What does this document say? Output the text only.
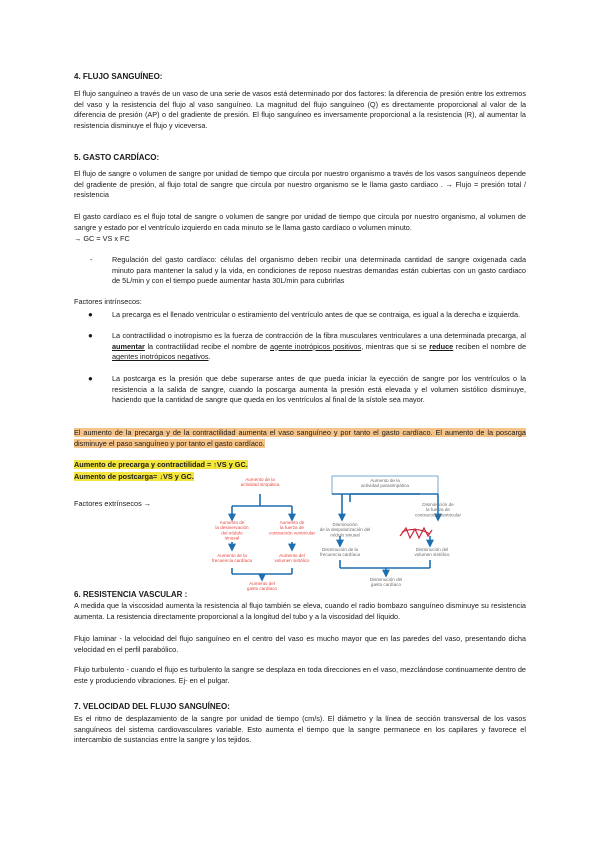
4. FLUJO SANGUÍNEO:
El flujo sanguíneo a través de un vaso de una serie de vasos está determinado por dos factores: la diferencia de presión entre los extremos del vaso y la resistencia del flujo al vaso sanguíneo. La magnitud del flujo sanguíneo (Q) es directamente proporcional al valor de la diferencia de presión (AP) o del gradiente de presión. El flujo sanguíneo es inversamente proporcional a la resistencia (R), al aumentar la resistencia disminuye el flujo y viceversa.
5. GASTO CARDÍACO:
El flujo de sangre o volumen de sangre por unidad de tiempo que circula por nuestro organismo a través de los vasos sanguíneos depende del gradiente de presión, al flujo total de sangre que circula por nuestro organismo se le llama gasto cardiaco . → Flujo = presión total / resistencia
El gasto cardíaco es el flujo total de sangre o volumen de sangre por unidad de tiempo que circula por nuestro organismo, al volumen de sangre y estado por el ventrículo izquierdo en cada minuto se le llama gasto cardíaco o volumen minuto.
→ GC = VS x FC
-	Regulación del gasto cardíaco: células del organismo deben recibir una determinada cantidad de sangre oxigenada cada minuto para mantener la salud y la vida, en condiciones de reposo nuestras demandas están cubiertas con un gasto cardiaco de 5L/min y con el tiempo puede aumentar hasta 30L/min para cubrirlas
Factores intrínsecos:
●	La precarga es el llenado ventricular o estiramiento del ventrículo antes de que se contraiga, es igual a la derecha e izquierda.
●	La contractilidad o inotropismo es la fuerza de contracción de la fibra musculares ventriculares a una determinada precarga, al aumentar la contractilidad recibe el nombre de agente inotrópicos positivos, mientras que si se reduce reciben el nombre de agentes inotrópicos negativos.
●	La postcarga es la presión que debe superarse antes de que pueda iniciar la eyección de sangre por los ventrículos o la resistencia a la salida de sangre, cuando la poscarga aumenta la presión está elevada y el volumen sistólico disminuye, haciendo que la cantidad de sangre que queda en los ventrículos al final de la sístole sea mayor.
El aumento de la precarga y de la contractilidad aumenta el vaso sanguíneo y por tanto el gasto cardíaco. El aumento de la poscarga disminuye el paso sanguíneo y por tanto el gasto cardíaco.
Aumento de precarga y contractilidad = ↑VS y GC.
Aumento de postcarga= ↓VS y GC.
Factores extrínsecos →
Aumento de la actividad simpática
Aumento de la desinervación del nódulo sinusal
Aumento de la fuerza de contracción ventricular
Aumento de la frecuencia cardíaca
Aumento del volumen sistólico
Aumento del gasto cardíaco
Aumento de la actividad parasimpática
Disminución de la despolarización del nódulo sinusal
Disminución de la fuerza de contracción ventricular
Disminución de la frecuencia cardíaca
Disminución del volumen sistólico
Disminución del gasto cardíaco
6. RESISTENCIA VASCULAR :
A medida que la viscosidad aumenta la resistencia al flujo también se eleva, cuando el radio bombazo sanguíneo disminuye su resistencia aumenta. La resistencia directamente proporcional a la longitud del tubo y a la viscosidad del líquido.
Flujo laminar - la velocidad del flujo sanguíneo en el centro del vaso es mucho mayor que en las paredes del vaso, presentando dicha velocidad en el perfil parabólico.
Flujo turbulento - cuando el flujo es turbulento la sangre se desplaza en toda direcciones en el vaso, mezclándose continuamente dentro de este y produciendo vibraciones. Ej- en el pulgar.
7. VELOCIDAD DEL FLUJO SANGUÍNEO:
Es el ritmo de desplazamiento de la sangre por unidad de tiempo (cm/s). El diámetro y la línea de sección transversal de los vasos sanguíneos del sistema cardiovasculares variable. Esto aumenta el tiempo que la sangre permanece en los capilares y favorece el intercambio de sustancias entre la sangre y los tejidos.
